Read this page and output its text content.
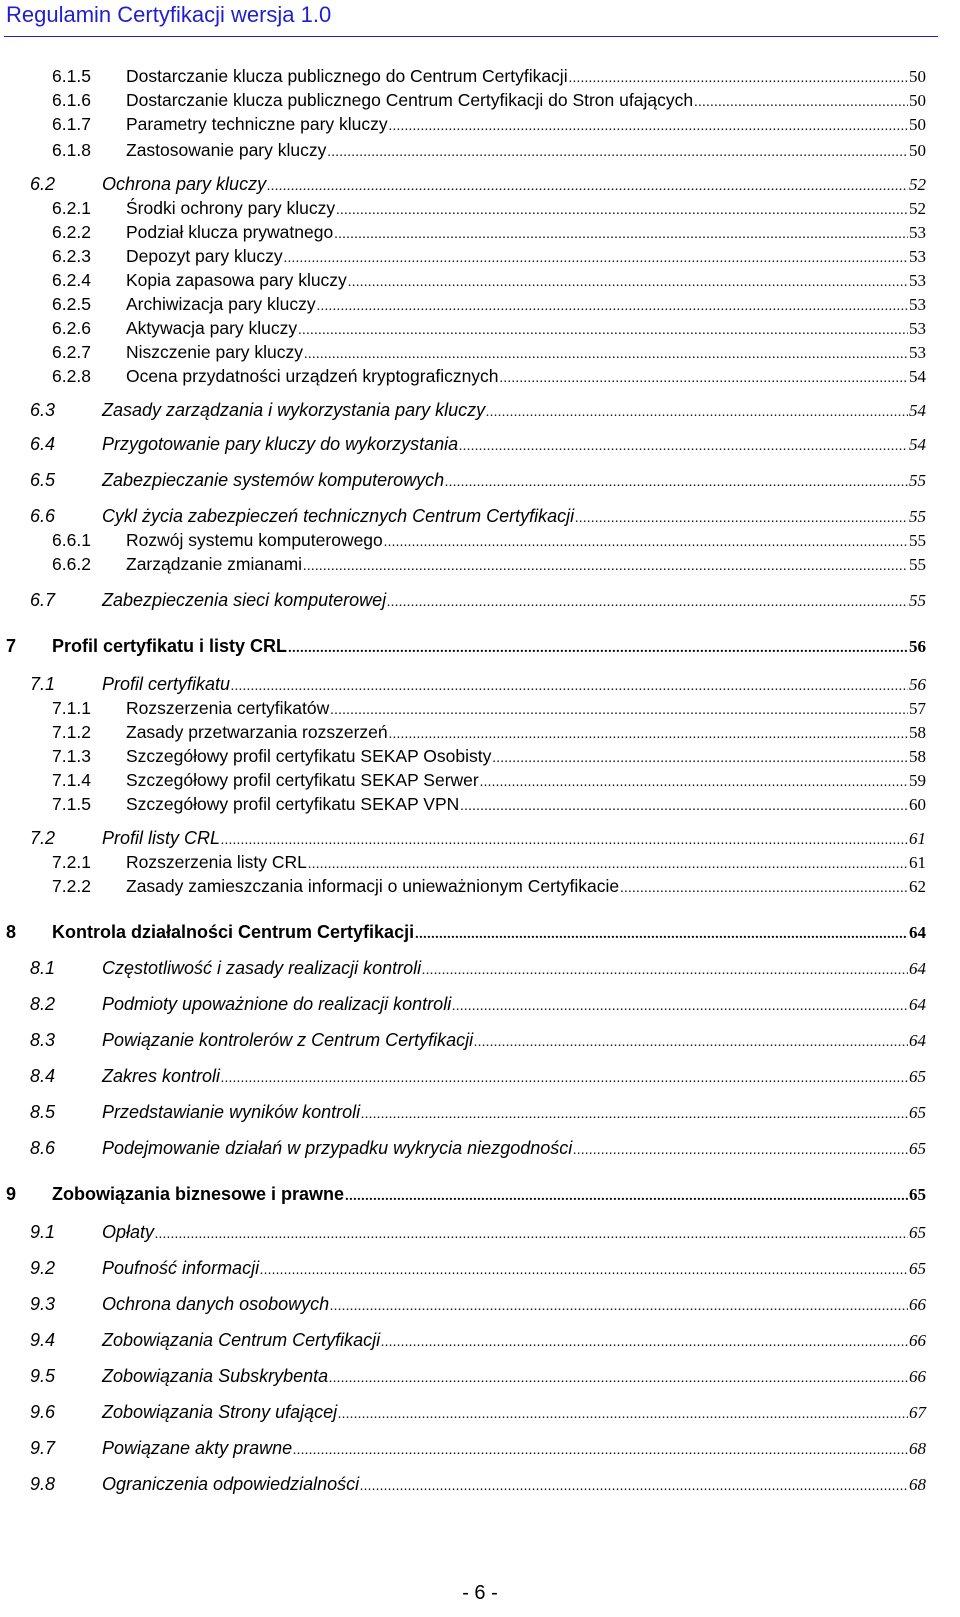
Regulamin Certyfikacji wersja 1.0
6.1.5 Dostarczanie klucza publicznego do Centrum Certyfikacji .....	50
6.1.6 Dostarczanie klucza publicznego Centrum Certyfikacji do Stron ufających .....	50
6.1.7 Parametry techniczne pary kluczy .....	50
6.1.8 Zastosowanie pary kluczy .....	50
6.2	Ochrona pary kluczy .....	52
6.2.1 Środki ochrony pary kluczy .....	52
6.2.2 Podział klucza prywatnego .....	53
6.2.3 Depozyt pary kluczy .....	53
6.2.4 Kopia zapasowa pary kluczy .....	53
6.2.5 Archiwizacja pary kluczy .....	53
6.2.6 Aktywacja pary kluczy .....	53
6.2.7 Niszczenie pary kluczy .....	53
6.2.8 Ocena przydatności urządzeń kryptograficznych .....	54
6.3	Zasady zarządzania i wykorzystania pary kluczy .....	54
6.4	Przygotowanie pary kluczy do wykorzystania .....	54
6.5	Zabezpieczanie systemów komputerowych .....	55
6.6	Cykl życia zabezpieczeń technicznych Centrum Certyfikacji .....	55
6.6.1 Rozwój systemu komputerowego .....	55
6.6.2 Zarządzanie zmianami .....	55
6.7	Zabezpieczenia sieci komputerowej .....	55
7 Profil certyfikatu i listy CRL .....	56
7.1	Profil certyfikatu .....	56
7.1.1 Rozszerzenia certyfikatów .....	57
7.1.2 Zasady przetwarzania rozszerzeń .....	58
7.1.3 Szczegółowy profil certyfikatu SEKAP Osobisty .....	58
7.1.4 Szczegółowy profil certyfikatu SEKAP Serwer .....	59
7.1.5 Szczegółowy profil certyfikatu SEKAP VPN .....	60
7.2	Profil listy CRL .....	61
7.2.1 Rozszerzenia listy CRL .....	61
7.2.2 Zasady zamieszczania informacji o unieważnionym Certyfikacie .....	62
8 Kontrola działalności Centrum Certyfikacji .....	64
8.1	Częstotliwość i zasady realizacji kontroli .....	64
8.2	Podmioty upoważnione do realizacji kontroli .....	64
8.3	Powiązanie kontrolerów z Centrum Certyfikacji .....	64
8.4	Zakres kontroli .....	65
8.5	Przedstawianie wyników kontroli .....	65
8.6	Podejmowanie działań w przypadku wykrycia niezgodności .....	65
9 Zobowiązania biznesowe i prawne .....	65
9.1	Opłaty .....	65
9.2	Poufność informacji .....	65
9.3	Ochrona danych osobowych .....	66
9.4	Zobowiązania Centrum Certyfikacji .....	66
9.5	Zobowiązania Subskrybenta .....	66
9.6	Zobowiązania Strony ufającej .....	67
9.7	Powiązane akty prawne .....	68
9.8	Ograniczenia odpowiedzialności .....	68
- 6 -
